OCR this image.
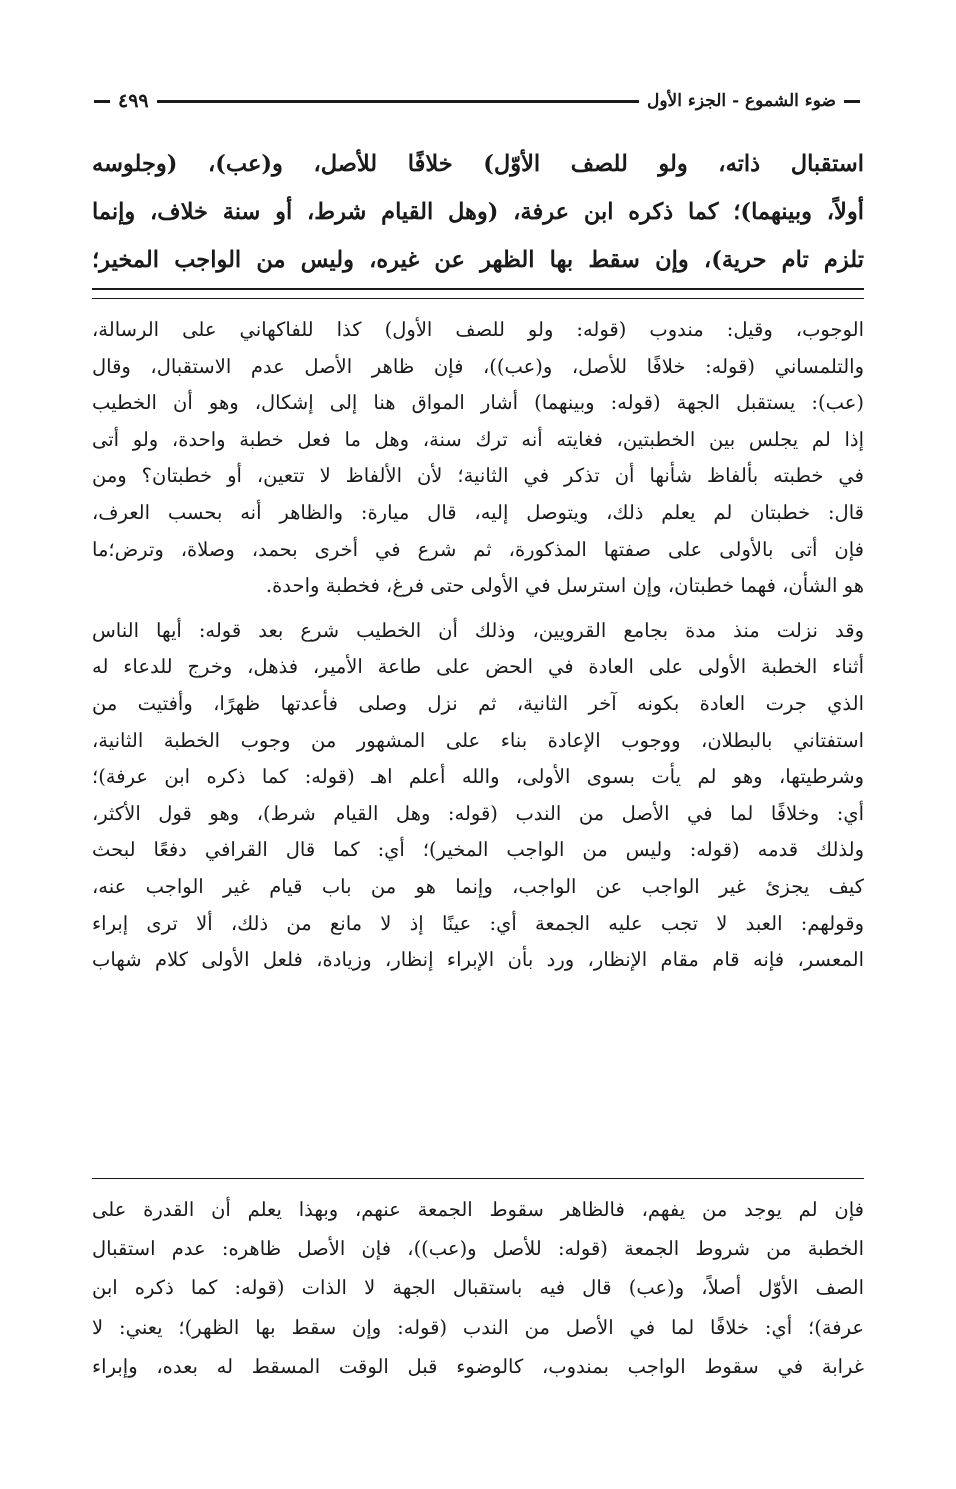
ضوء الشموع - الجزء الأول
٤٩٩
استقبال ذاته، ولو للصف الأوّل) خلافًا للأصل، و(عب)، (وجلوسه
أولاً، وبينهما)؛ كما ذكره ابن عرفة، (وهل القيام شرط، أو سنة خلاف، وإنما
تلزم تام حرية)، وإن سقط بها الظهر عن غيره، وليس من الواجب المخير؛
الوجوب، وقيل: مندوب (قوله: ولو للصف الأول) كذا للفاكهاني على الرسالة،
والتلمساني (قوله: خلافًا للأصل، و(عب))، فإن ظاهر الأصل عدم الاستقبال، وقال
(عب): يستقبل الجهة (قوله: وبينهما) أشار المواق هنا إلى إشكال، وهو أن الخطيب
إذا لم يجلس بين الخطبتين، فغايته أنه ترك سنة، وهل ما فعل خطبة واحدة، ولو أتى
في خطبته بألفاظ شأنها أن تذكر في الثانية؛ لأن الألفاظ لا تتعين، أو خطبتان؟ ومن
قال: خطبتان لم يعلم ذلك، ويتوصل إليه، قال ميارة: والظاهر أنه بحسب العرف،
فإن أتى بالأولى على صفتها المذكورة، ثم شرع في أخرى بحمد، وصلاة، وترض؛ما
هو الشأن، فهما خطبتان، وإن استرسل في الأولى حتى فرغ، فخطبة واحدة.
وقد نزلت منذ مدة بجامع القرويين، وذلك أن الخطيب شرع بعد قوله: أيها الناس
أثناء الخطبة الأولى على العادة في الحض على طاعة الأمير، فذهل، وخرج للدعاء له
الذي جرت العادة بكونه آخر الثانية، ثم نزل وصلى فأعدتها ظهرًا، وأفتيت من
استفتاني بالبطلان، ووجوب الإعادة بناء على المشهور من وجوب الخطبة الثانية،
وشرطيتها، وهو لم يأت بسوى الأولى، والله أعلم اهـ (قوله: كما ذكره ابن عرفة)؛
أي: وخلافًا لما في الأصل من الندب (قوله: وهل القيام شرط)، وهو قول الأكثر،
ولذلك قدمه (قوله: وليس من الواجب المخير)؛ أي: كما قال القرافي دفعًا لبحث
كيف يجزئ غير الواجب عن الواجب، وإنما هو من باب قيام غير الواجب عنه،
وقولهم: العبد لا تجب عليه الجمعة أي: عينًا إذ لا مانع من ذلك، ألا ترى إبراء
المعسر، فإنه قام مقام الإنظار، ورد بأن الإبراء إنظار، وزيادة، فلعل الأولى كلام شهاب
فإن لم يوجد من يفهم، فالظاهر سقوط الجمعة عنهم، وبهذا يعلم أن القدرة على
الخطبة من شروط الجمعة (قوله: للأصل و(عب))، فإن الأصل ظاهره: عدم استقبال
الصف الأوّل أصلاً، و(عب) قال فيه باستقبال الجهة لا الذات (قوله: كما ذكره ابن
عرفة)؛ أي: خلافًا لما في الأصل من الندب (قوله: وإن سقط بها الظهر)؛ يعني: لا
غرابة في سقوط الواجب بمندوب، كالوضوء قبل الوقت المسقط له بعده، وإبراء
